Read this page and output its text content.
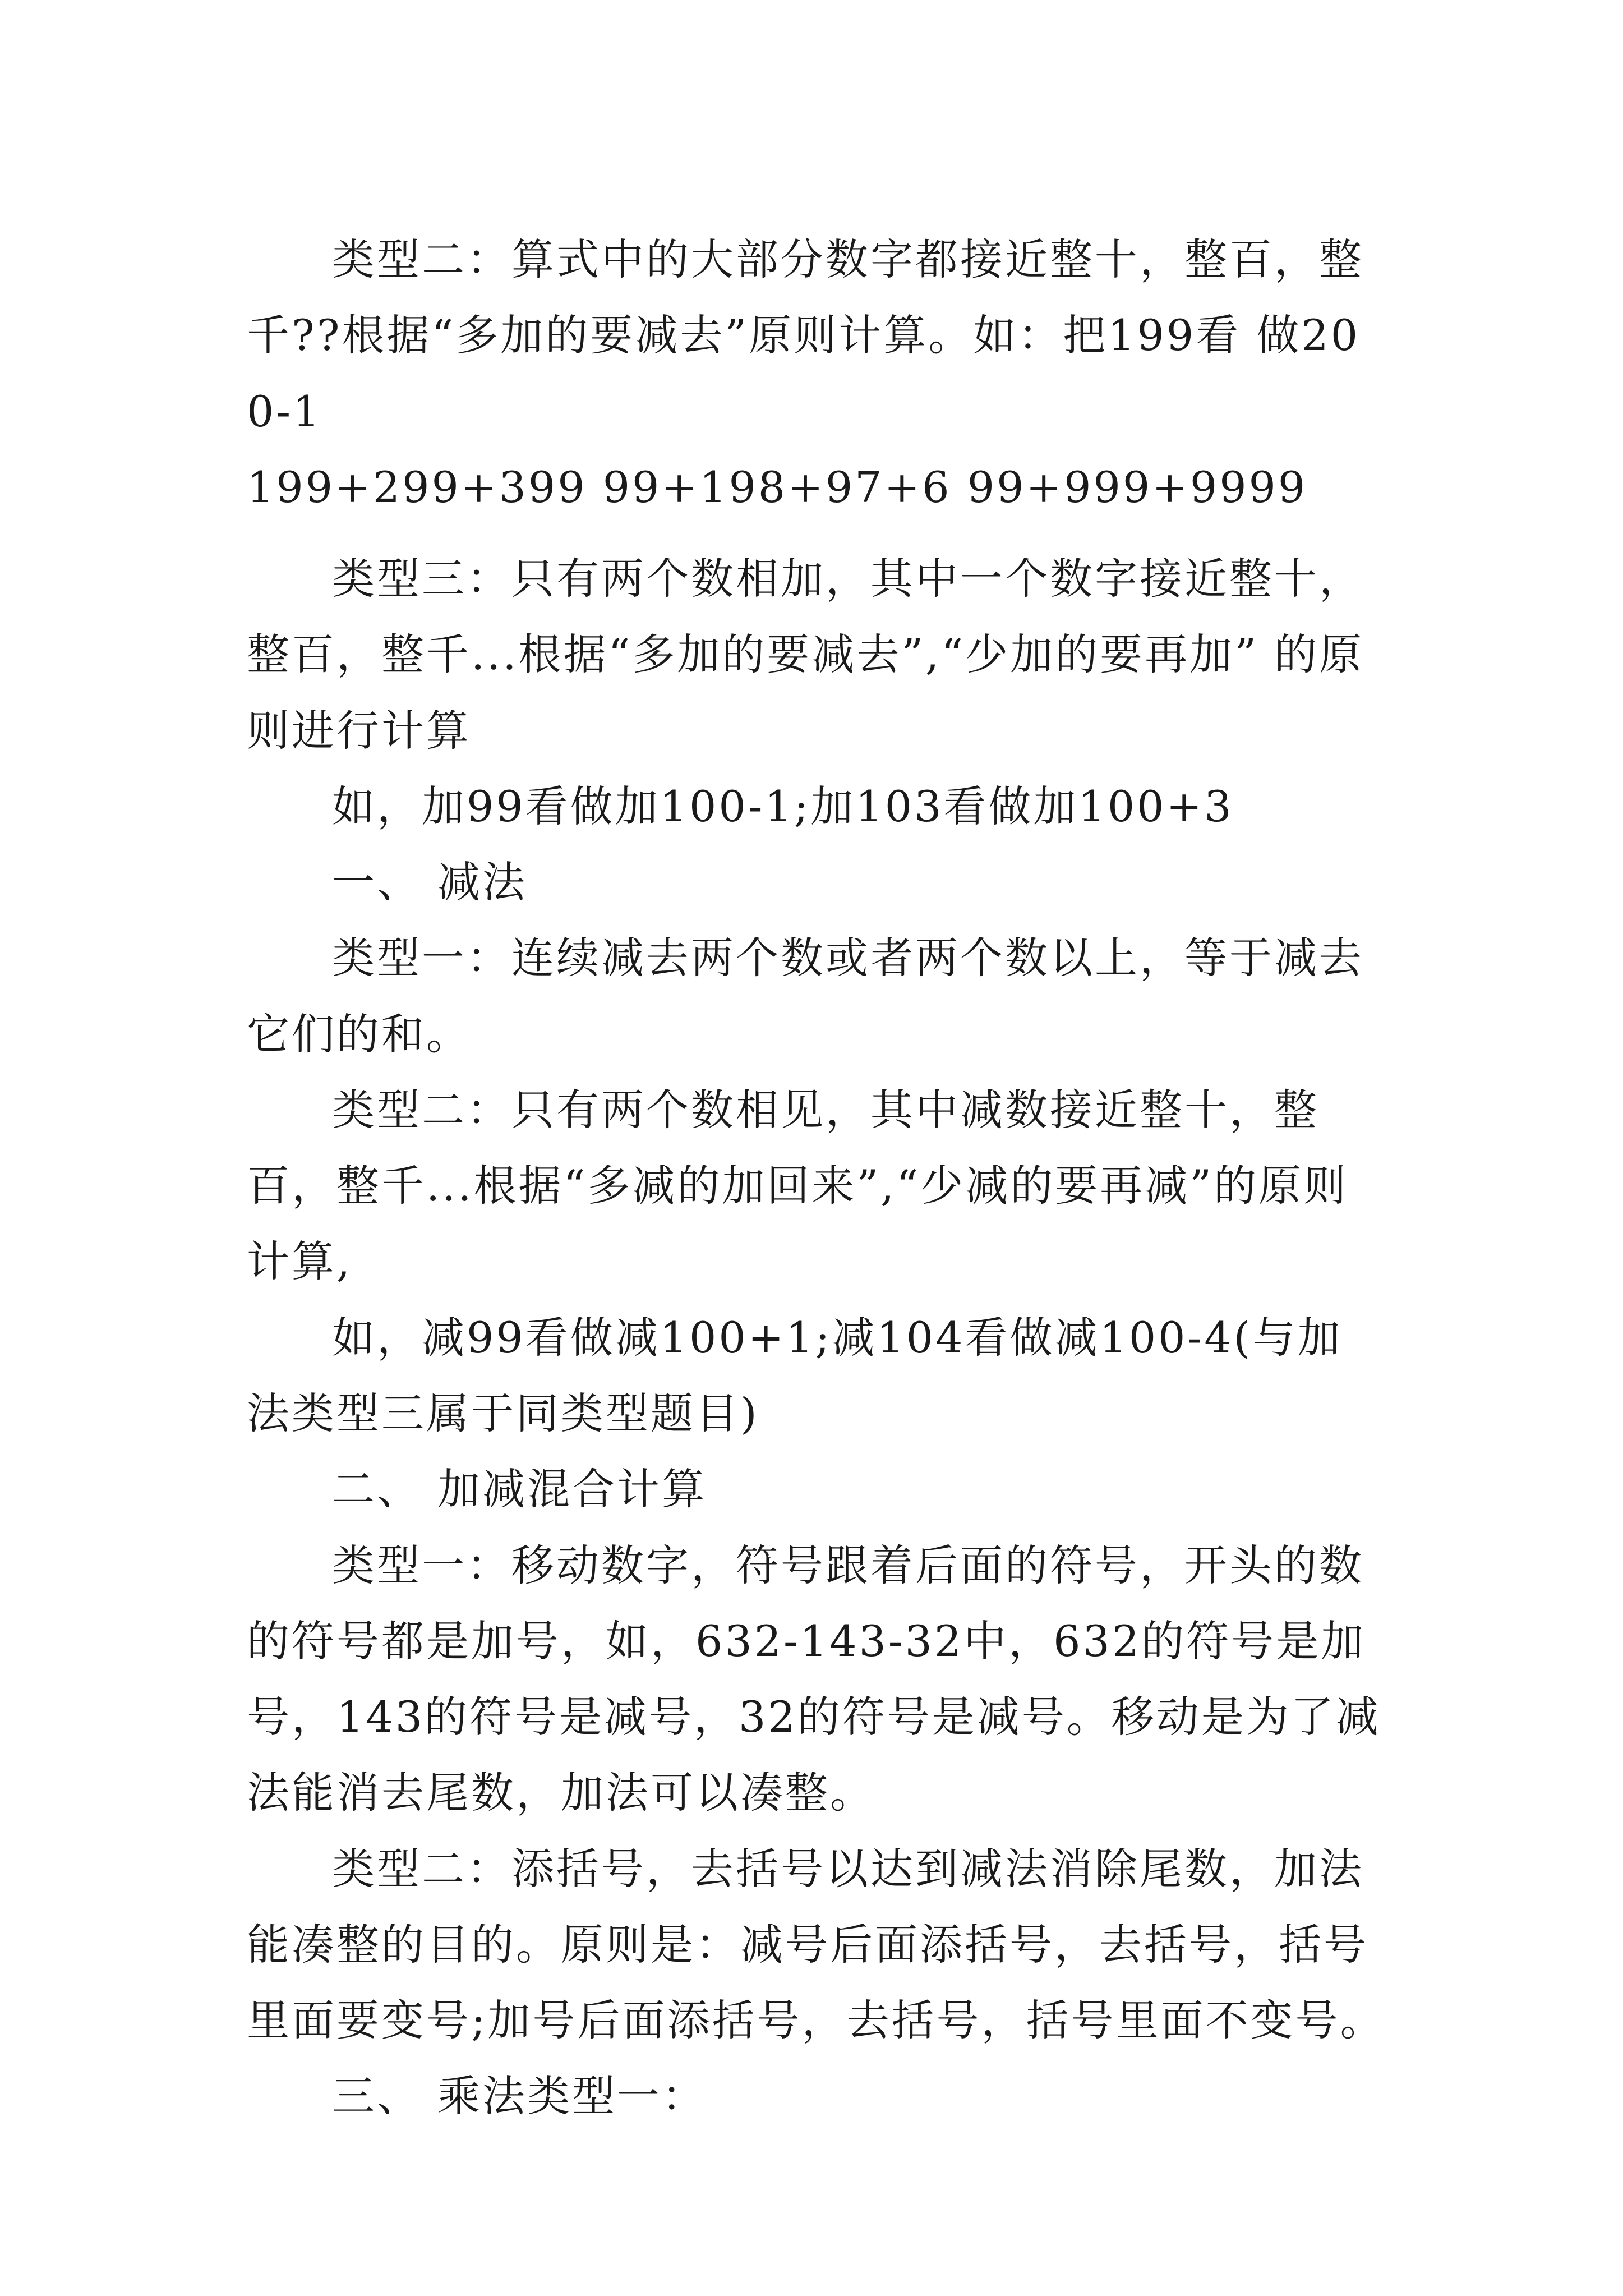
类型二：算式中的大部分数字都接近整十，整百，整千??根据“多加的要减去”原则计算。如：把199看 做200-1

199+299+399 99+198+97+6 99+999+9999

类型三：只有两个数相加，其中一个数字接近整十，整百，整千...根据“多加的要减去”,“少加的要再加” 的原则进行计算

如，加99看做加100-1;加103看做加100+3

一、 减法

类型一：连续减去两个数或者两个数以上，等于减去它们的和。

类型二：只有两个数相见，其中减数接近整十，整百，整千...根据“多减的加回来”,“少减的要再减”的原则计算,

如，减99看做减100+1;减104看做减100-4(与加法类型三属于同类型题目)

二、 加减混合计算

类型一：移动数字，符号跟着后面的符号，开头的数的符号都是加号，如，632-143-32中，632的符号是加号，143的符号是减号，32的符号是减号。移动是为了减法能消去尾数，加法可以凑整。

类型二：添括号，去括号以达到减法消除尾数，加法能凑整的目的。原则是：减号后面添括号，去括号，括号里面要变号;加号后面添括号，去括号，括号里面不变号。

三、 乘法类型一：
